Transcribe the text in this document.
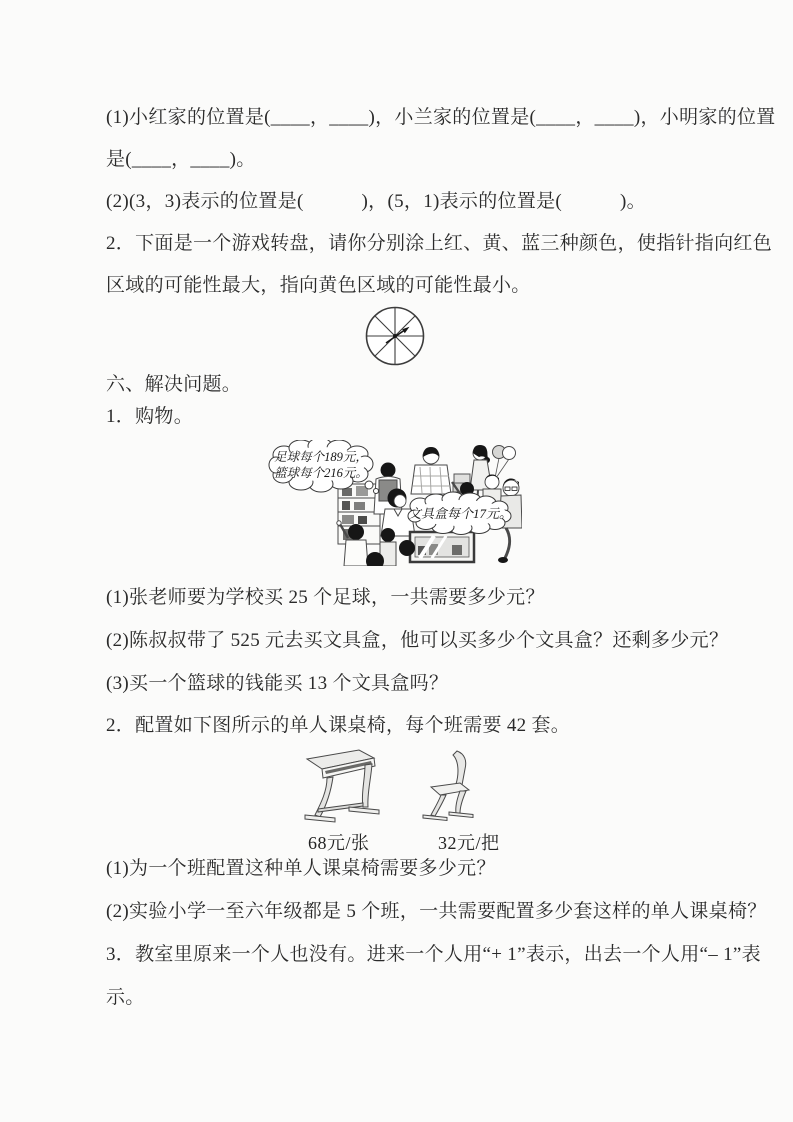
(1)小红家的位置是(____，____)，小兰家的位置是(____，____)，小明家的位置
是(____，____)。
(2)(3，3)表示的位置是(　　　)，(5，1)表示的位置是(　　　)。
2．下面是一个游戏转盘，请你分别涂上红、黄、蓝三种颜色，使指针指向红色
区域的可能性最大，指向黄色区域的可能性最小。
六、解决问题。
1．购物。
足球每个189元，
篮球每个216元。
文具盒每个17元。
(1)张老师要为学校买 25 个足球，一共需要多少元？
(2)陈叔叔带了 525 元去买文具盒，他可以买多少个文具盒？还剩多少元？
(3)买一个篮球的钱能买 13 个文具盒吗？
2．配置如下图所示的单人课桌椅，每个班需要 42 套。
68元/张	32元/把
(1)为一个班配置这种单人课桌椅需要多少元？
(2)实验小学一至六年级都是 5 个班，一共需要配置多少套这样的单人课桌椅？
3．教室里原来一个人也没有。进来一个人用“+ 1”表示，出去一个人用“– 1”表
示。
